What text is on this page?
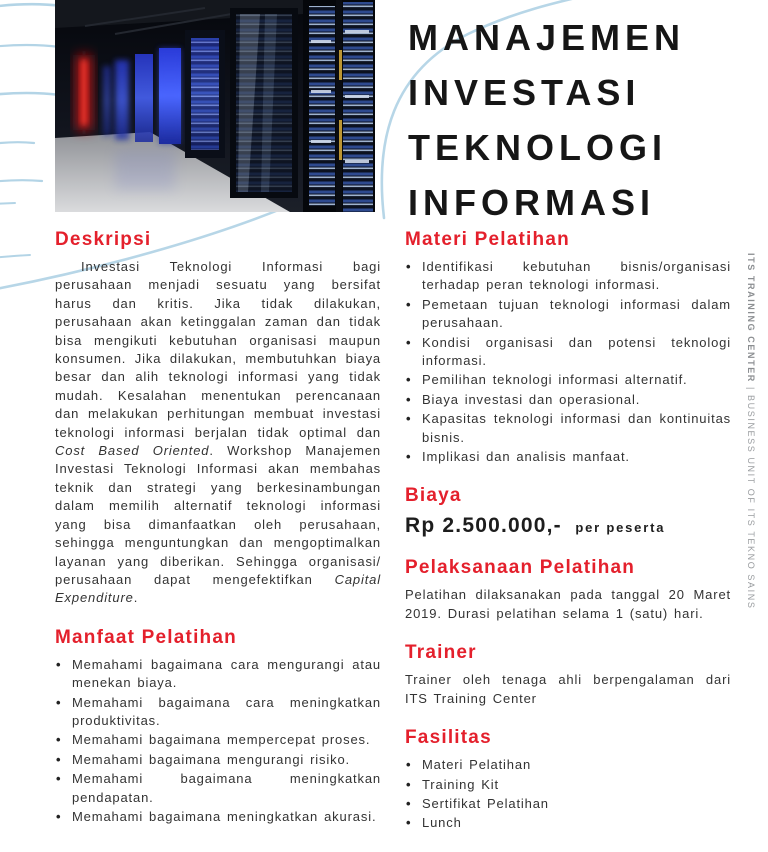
MANAJEMEN
INVESTASI
TEKNOLOGI
INFORMASI
Deskripsi

Investasi Teknologi Informasi bagi perusahaan menjadi sesuatu yang bersifat harus dan kritis. Jika tidak dilakukan, perusahaan akan ketinggalan zaman dan tidak bisa mengikuti kebutuhan organisasi maupun konsumen. Jika dilakukan, membutuhkan biaya besar dan alih teknologi informasi yang tidak mudah. Kesalahan menentukan perencanaan dan melakukan perhitungan membuat investasi teknologi informasi berjalan tidak optimal dan Cost Based Oriented. Workshop Manajemen Investasi Teknologi Informasi akan membahas teknik dan strategi yang berkesinambungan dalam memilih alternatif teknologi informasi yang bisa dimanfaatkan oleh perusahaan, sehingga menguntungkan dan mengoptimalkan layanan yang diberikan. Sehingga organisasi/ perusahaan dapat mengefektifkan Capital Expenditure.

Manfaat Pelatihan
• Memahami bagaimana cara mengurangi atau menekan biaya.
• Memahami bagaimana cara meningkatkan produktivitas.
• Memahami bagaimana mempercepat proses.
• Memahami bagaimana mengurangi risiko.
• Memahami bagaimana meningkatkan pendapatan.
• Memahami bagaimana meningkatkan akurasi.
Materi Pelatihan
• Identifikasi kebutuhan bisnis/organisasi terhadap peran teknologi informasi.
• Pemetaan tujuan teknologi informasi dalam perusahaan.
• Kondisi organisasi dan potensi teknologi informasi.
• Pemilihan teknologi informasi alternatif.
• Biaya investasi dan operasional.
• Kapasitas teknologi informasi dan kontinuitas bisnis.
• Implikasi dan analisis manfaat.
Biaya
Rp 2.500.000,- per peserta
Pelaksanaan Pelatihan

Pelatihan dilaksanakan pada tanggal 20 Maret 2019. Durasi pelatihan selama 1 (satu) hari.

Trainer

Trainer oleh tenaga ahli berpengalaman dari ITS Training Center

Fasilitas
• Materi Pelatihan
• Training Kit
• Sertifikat Pelatihan
• Lunch
ITS TRAINING CENTER | BUSINESS UNIT OF ITS TEKNO SAINS
